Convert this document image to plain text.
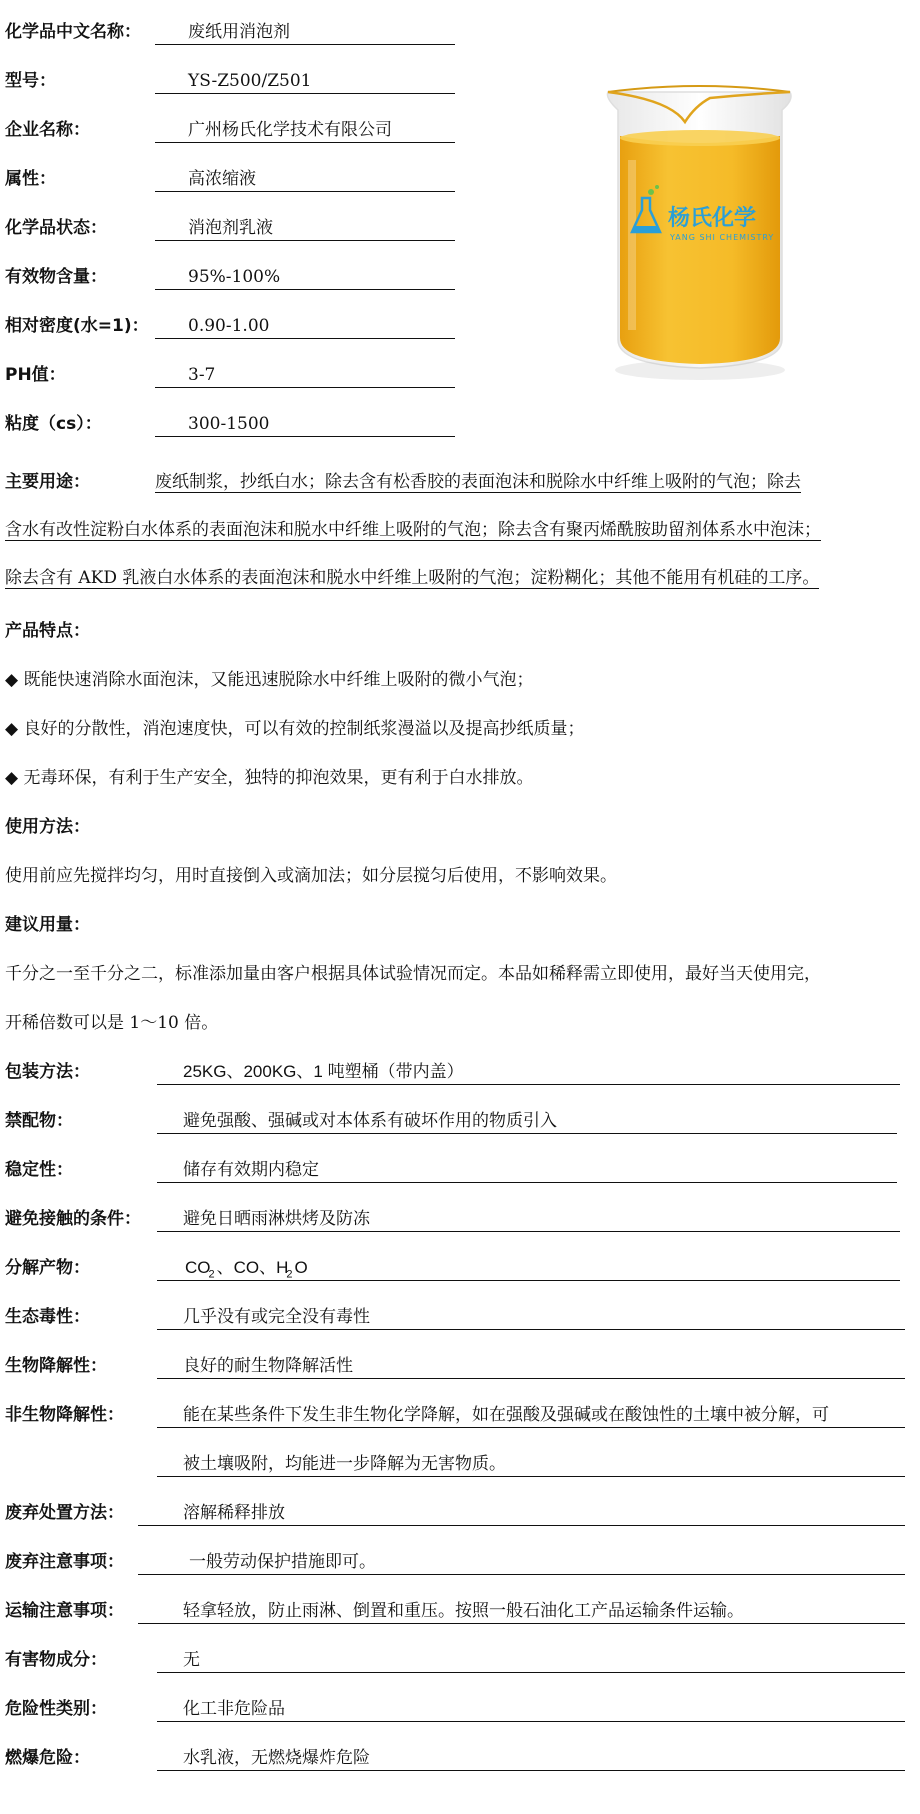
化学品中文名称：	废纸用消泡剂
型号：	YS-Z500/Z501
企业名称：	广州杨氏化学技术有限公司
属性：	高浓缩液
化学品状态：	消泡剂乳液
有效物含量：	95%-100%
相对密度(水=1)：	0.90-1.00
PH值：	3-7
粘度（cs）：	300-1500
杨氏化学
YANG SHI CHEMISTRY
主要用途：	废纸制浆，抄纸白水；除去含有松香胶的表面泡沫和脱除水中纤维上吸附的气泡；除去
含水有改性淀粉白水体系的表面泡沫和脱水中纤维上吸附的气泡；除去含有聚丙烯酰胺助留剂体系水中泡沫；
除去含有 AKD 乳液白水体系的表面泡沫和脱水中纤维上吸附的气泡；淀粉糊化；其他不能用有机硅的工序。
产品特点：
◆ 既能快速消除水面泡沫，又能迅速脱除水中纤维上吸附的微小气泡；
◆ 良好的分散性，消泡速度快，可以有效的控制纸浆漫溢以及提高抄纸质量；
◆ 无毒环保，有利于生产安全，独特的抑泡效果，更有利于白水排放。
使用方法：
使用前应先搅拌均匀，用时直接倒入或滴加法；如分层搅匀后使用，不影响效果。
建议用量：
千分之一至千分之二，标准添加量由客户根据具体试验情况而定。本品如稀释需立即使用，最好当天使用完，
开稀倍数可以是 1～10 倍。
包装方法：	25KG、200KG、1 吨塑桶（带内盖）
禁配物：	避免强酸、强碱或对本体系有破坏作用的物质引入
稳定性：	储存有效期内稳定
避免接触的条件：	避免日晒雨淋烘烤及防冻
分解产物：	$CO_2$ 、CO、$H_2$ O
生态毒性：	几乎没有或完全没有毒性
生物降解性：	良好的耐生物降解活性
非生物降解性：	能在某些条件下发生非生物化学降解，如在强酸及强碱或在酸蚀性的土壤中被分解，可
被土壤吸附，均能进一步降解为无害物质。
废弃处置方法：	溶解稀释排放
废弃注意事项：	一般劳动保护措施即可。
运输注意事项：	轻拿轻放，防止雨淋、倒置和重压。按照一般石油化工产品运输条件运输。
有害物成分：	无
危险性类别：	化工非危险品
燃爆危险：	水乳液，无燃烧爆炸危险
